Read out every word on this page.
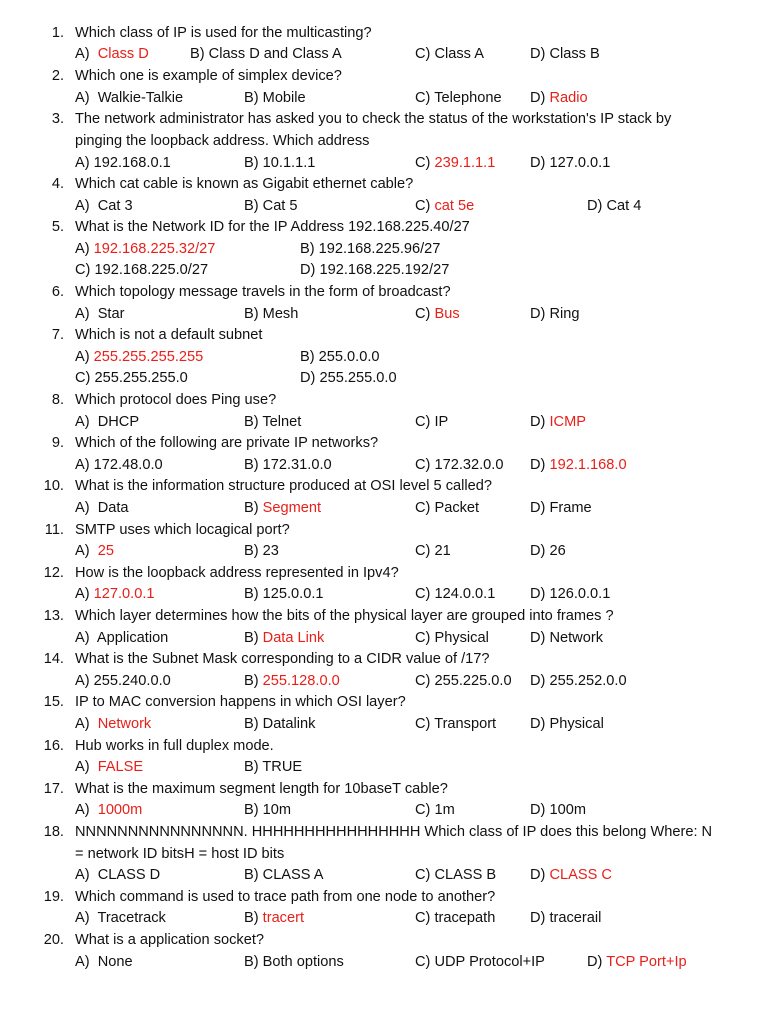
1. Which class of IP is used for the multicasting?
A) Class D	B) Class D and Class A	C) Class A	D) Class B
2. Which one is example of simplex device?
A) Walkie-Talkie	B) Mobile	C) Telephone D) Radio
3. The network administrator has asked you to check the status of the workstation's IP stack by
pinging the loopback address. Which address
A) 192.168.0.1	B) 10.1.1.1	C) 239.1.1.1 D) 127.0.0.1
4. Which cat cable is known as Gigabit ethernet cable?
A) Cat 3	B) Cat 5	C) cat 5e	D) Cat 4
5. What is the Network ID for the IP Address 192.168.225.40/27
A) 192.168.225.32/27	B) 192.168.225.96/27
C) 192.168.225.0/27	D) 192.168.225.192/27
6. Which topology message travels in the form of broadcast?
A) Star	B) Mesh	C) Bus	D) Ring
7. Which is not a default subnet
A) 255.255.255.255	B) 255.0.0.0
C) 255.255.255.0	D) 255.255.0.0
8. Which protocol does Ping use?
A) DHCP	B) Telnet	C) IP	D) ICMP
9. Which of the following are private IP networks?
A) 172.48.0.0	B) 172.31.0.0	C) 172.32.0.0 D) 192.1.168.0
10. What is the information structure produced at OSI level 5 called?
A) Data	B) Segment	C) Packet	D) Frame
11. SMTP uses which locagical port?
A) 25	B) 23	C) 21	D) 26
12. How is the loopback address represented in Ipv4?
A) 127.0.0.1	B) 125.0.0.1	C) 124.0.0.1 D) 126.0.0.1
13. Which layer determines how the bits of the physical layer are grouped into frames ?
A) Application	B) Data Link	C) Physical	D) Network
14. What is the Subnet Mask corresponding to a CIDR value of /17?
A) 255.240.0.0	B) 255.128.0.0	C) 255.225.0.0 D) 255.252.0.0
15. IP to MAC conversion happens in which OSI layer?
A) Network	B) Datalink	C) Transport D) Physical
16. Hub works in full duplex mode.
A) FALSE	B) TRUE
17. What is the maximum segment length for 10baseT cable?
A) 1000m	B) 10m	C) 1m	D) 100m
18. NNNNNNNNNNNNNNNN. HHHHHHHHHHHHHHHH Which class of IP does this belong Where: N
= network ID bitsH = host ID bits
A) CLASS D	B) CLASS A	C) CLASS B D) CLASS C
19. Which command is used to trace path from one node to another?
A) Tracetrack	B) tracert	C) tracepath D) tracerail
20. What is a application socket?
A) None	B) Both options	C) UDP Protocol+IP	D) TCP Port+Ip
